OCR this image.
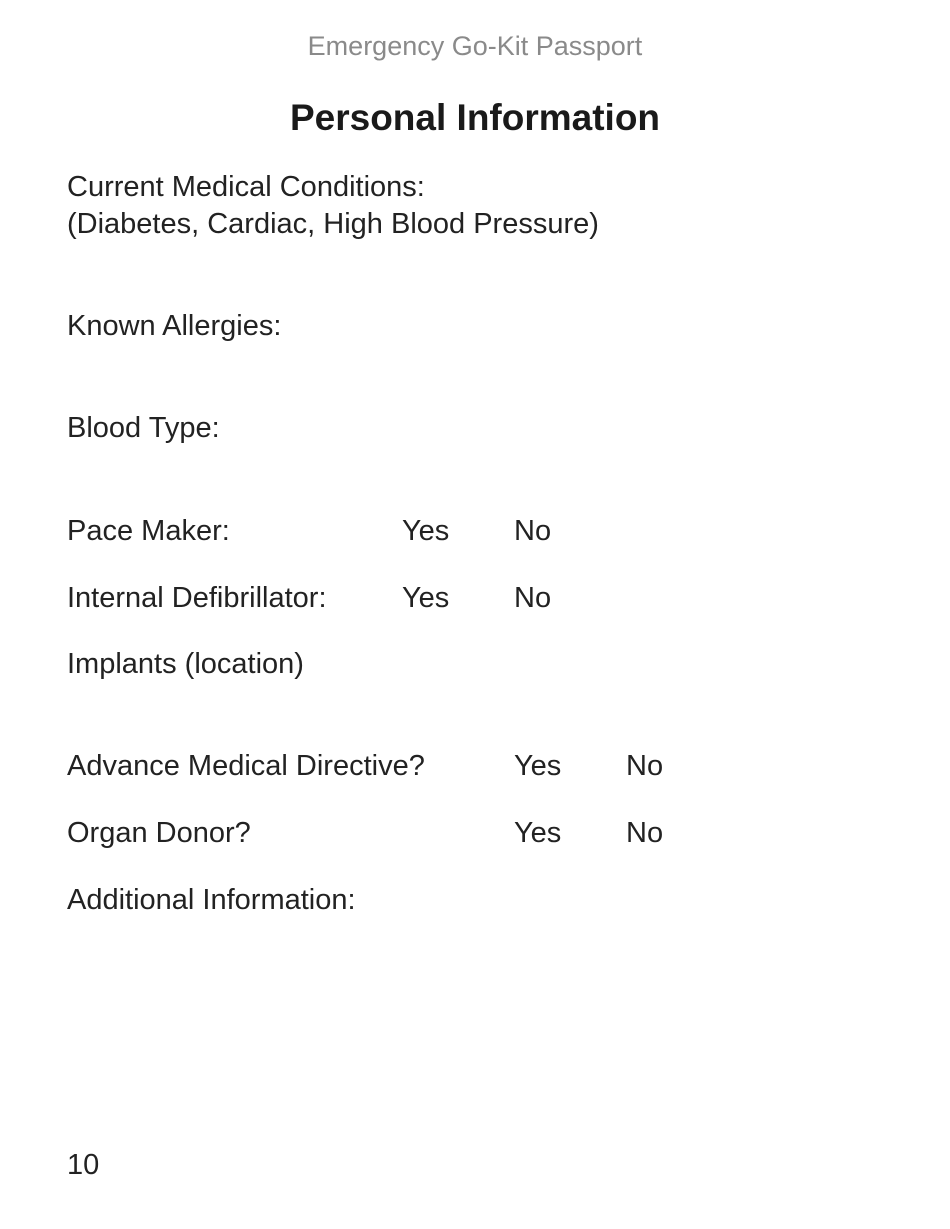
Emergency Go-Kit Passport
Personal Information
Current Medical Conditions:
(Diabetes, Cardiac, High Blood Pressure)
Known Allergies:
Blood Type:
Pace Maker:	Yes No
Internal Defibrillator:	Yes No
Implants (location)
Advance Medical Directive?	Yes No
Organ Donor?	Yes No
Additional Information:
10
